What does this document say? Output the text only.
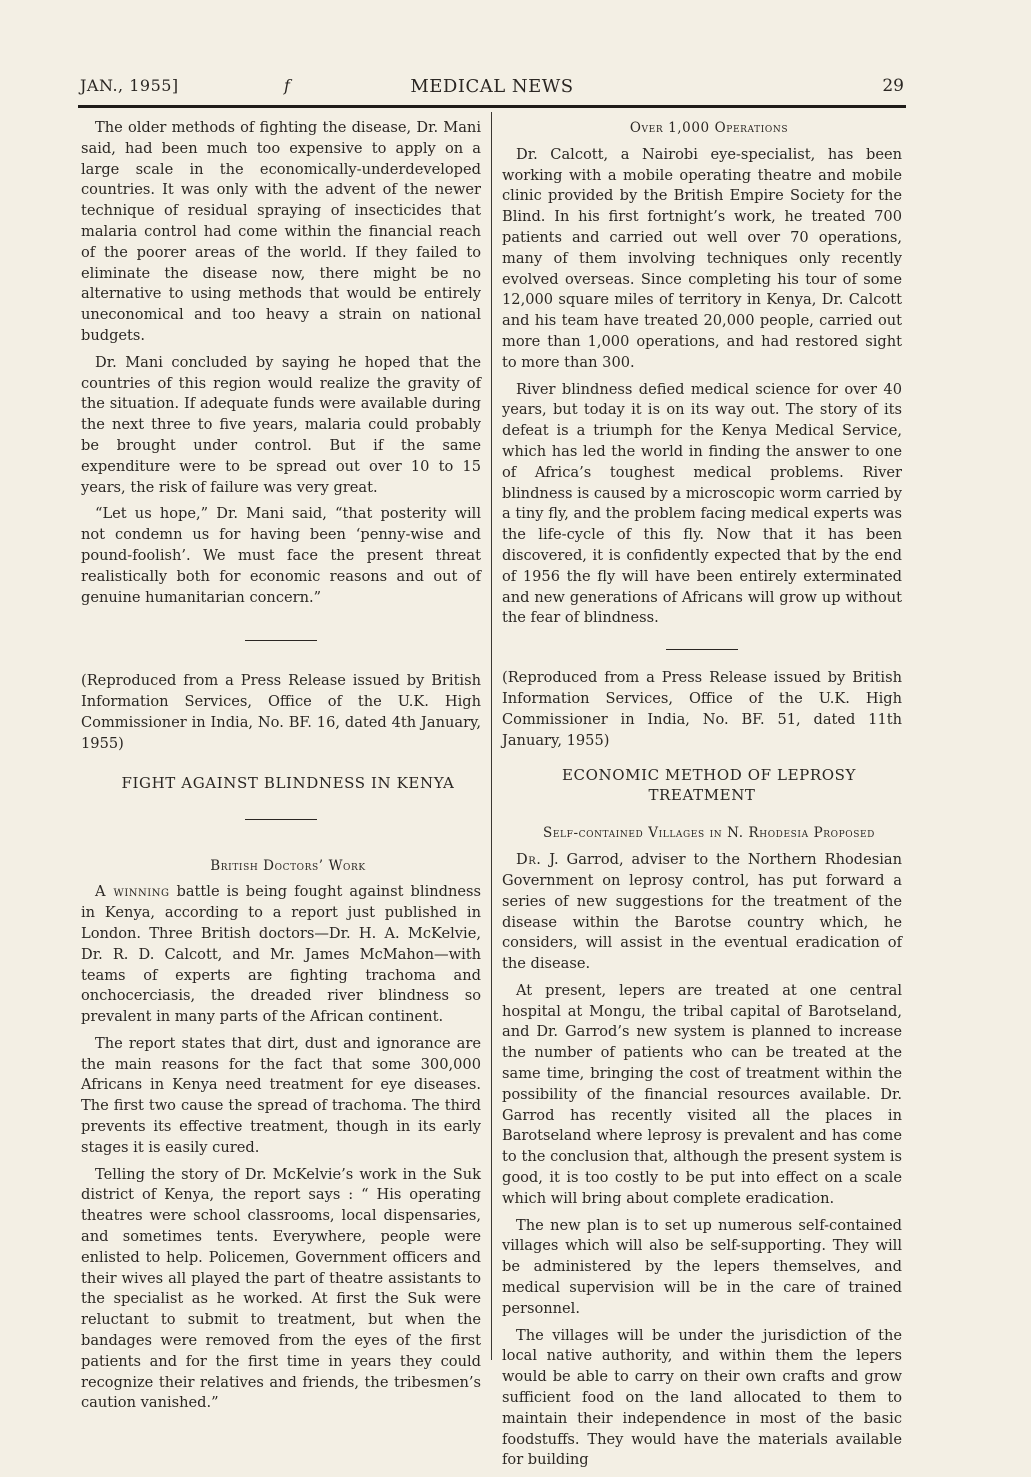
JAN., 1955]	f	MEDICAL NEWS	29

The older methods of fighting the disease, Dr. Mani said, had been much too expensive to apply on a large scale in the economically-underdeveloped countries. It was only with the advent of the newer technique of residual spraying of insecticides that malaria control had come within the financial reach of the poorer areas of the world. If they failed to eliminate the disease now, there might be no alternative to using methods that would be entirely uneconomical and too heavy a strain on national budgets.

Dr. Mani concluded by saying he hoped that the countries of this region would realize the gravity of the situation. If adequate funds were available during the next three to five years, malaria could probably be brought under control. But if the same expenditure were to be spread out over 10 to 15 years, the risk of failure was very great.

“Let us hope,” Dr. Mani said, “that posterity will not condemn us for having been ‘penny-wise and pound-foolish’. We must face the present threat realistically both for economic reasons and out of genuine humanitarian concern.”

(Reproduced from a Press Release issued by British Information Services, Office of the U.K. High Commissioner in India, No. BF. 16, dated 4th January, 1955)

FIGHT AGAINST BLINDNESS IN KENYA

British Doctors’ Work

A winning battle is being fought against blindness in Kenya, according to a report just published in London. Three British doctors—Dr. H. A. McKelvie, Dr. R. D. Calcott, and Mr. James McMahon—with teams of experts are fighting trachoma and onchocerciasis, the dreaded river blindness so prevalent in many parts of the African continent.

The report states that dirt, dust and ignorance are the main reasons for the fact that some 300,000 Africans in Kenya need treatment for eye diseases. The first two cause the spread of trachoma. The third prevents its effective treatment, though in its early stages it is easily cured.

Telling the story of Dr. McKelvie’s work in the Suk district of Kenya, the report says : “ His operating theatres were school classrooms, local dispensaries, and sometimes tents. Everywhere, people were enlisted to help. Policemen, Government officers and their wives all played the part of theatre assistants to the specialist as he worked. At first the Suk were reluctant to submit to treatment, but when the bandages were removed from the eyes of the first patients and for the first time in years they could recognize their relatives and friends, the tribesmen’s caution vanished.”

Over 1,000 Operations

Dr. Calcott, a Nairobi eye-specialist, has been working with a mobile operating theatre and mobile clinic provided by the British Empire Society for the Blind. In his first fortnight’s work, he treated 700 patients and carried out well over 70 operations, many of them involving techniques only recently evolved overseas. Since completing his tour of some 12,000 square miles of territory in Kenya, Dr. Calcott and his team have treated 20,000 people, carried out more than 1,000 operations, and had restored sight to more than 300.

River blindness defied medical science for over 40 years, but today it is on its way out. The story of its defeat is a triumph for the Kenya Medical Service, which has led the world in finding the answer to one of Africa’s toughest medical problems. River blindness is caused by a microscopic worm carried by a tiny fly, and the problem facing medical experts was the life-cycle of this fly. Now that it has been discovered, it is confidently expected that by the end of 1956 the fly will have been entirely exterminated and new generations of Africans will grow up without the fear of blindness.

(Reproduced from a Press Release issued by British Information Services, Office of the U.K. High Commissioner in India, No. BF. 51, dated 11th January, 1955)

ECONOMIC METHOD OF LEPROSY TREATMENT

Self-contained Villages in N. Rhodesia Proposed

Dr. J. Garrod, adviser to the Northern Rhodesian Government on leprosy control, has put forward a series of new suggestions for the treatment of the disease within the Barotse country which, he considers, will assist in the eventual eradication of the disease.

At present, lepers are treated at one central hospital at Mongu, the tribal capital of Barotseland, and Dr. Garrod’s new system is planned to increase the number of patients who can be treated at the same time, bringing the cost of treatment within the possibility of the financial resources available. Dr. Garrod has recently visited all the places in Barotseland where leprosy is prevalent and has come to the conclusion that, although the present system is good, it is too costly to be put into effect on a scale which will bring about complete eradication.

The new plan is to set up numerous self-contained villages which will also be self-supporting. They will be administered by the lepers themselves, and medical supervision will be in the care of trained personnel.

The villages will be under the jurisdiction of the local native authority, and within them the lepers would be able to carry on their own crafts and grow sufficient food on the land allocated to them to maintain their independence in most of the basic foodstuffs. They would have the materials available for building
